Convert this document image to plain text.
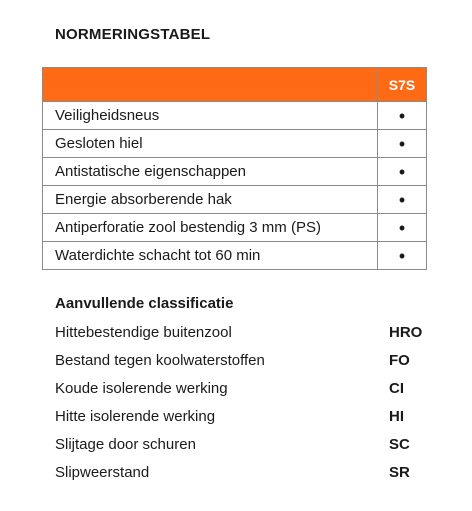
NORMERINGSTABEL
	S7S
Veiligheidsneus	•
Gesloten hiel	•
Antistatische eigenschappen	•
Energie absorberende hak	•
Antiperforatie zool bestendig 3 mm (PS)	•
Waterdichte schacht tot 60 min	•
Aanvullende classificatie
Hittebestendige buitenzool	HRO
Bestand tegen koolwaterstoffen	FO
Koude isolerende werking	CI
Hitte isolerende werking	HI
Slijtage door schuren	SC
Slipweerstand	SR
